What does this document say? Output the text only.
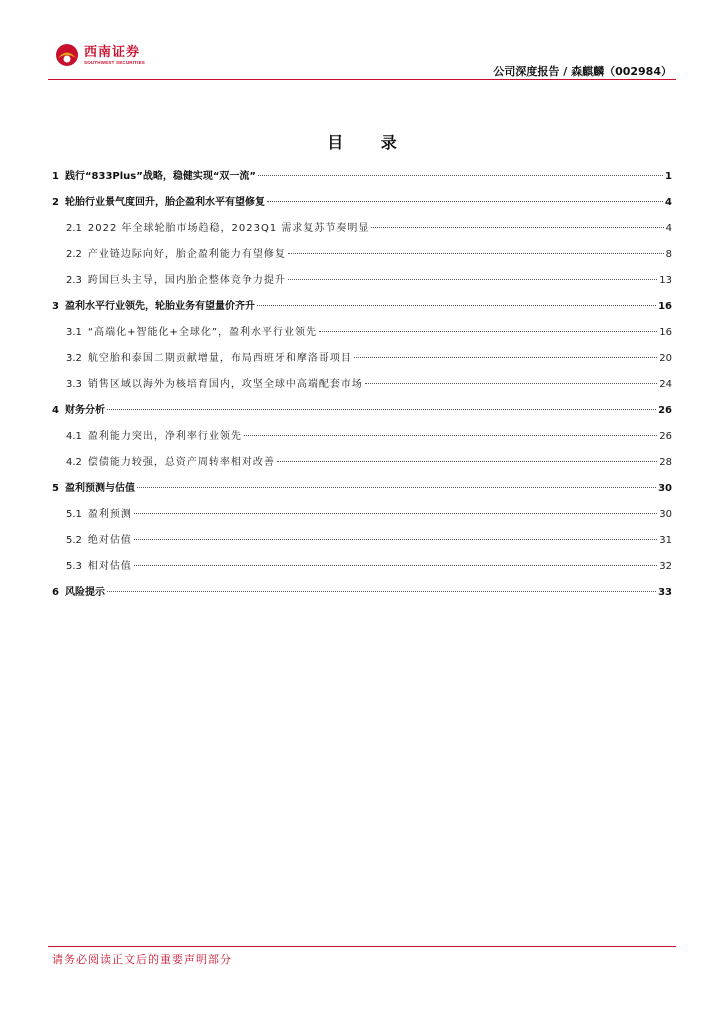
西南证券
SOUTHWEST SECURITIES
公司深度报告 / 森麒麟（002984）
目 录
1 践行“833Plus”战略，稳健实现“双一流”	1
2 轮胎行业景气度回升，胎企盈利水平有望修复	4
2.1 2022 年全球轮胎市场趋稳，2023Q1 需求复苏节奏明显	4
2.2 产业链边际向好，胎企盈利能力有望修复	8
2.3 跨国巨头主导，国内胎企整体竞争力提升	13
3 盈利水平行业领先，轮胎业务有望量价齐升	16
3.1 “高端化+智能化+全球化”，盈利水平行业领先	16
3.2 航空胎和泰国二期贡献增量，布局西班牙和摩洛哥项目	20
3.3 销售区域以海外为核培育国内，攻坚全球中高端配套市场	24
4 财务分析	26
4.1 盈利能力突出，净利率行业领先	26
4.2 偿债能力较强，总资产周转率相对改善	28
5 盈利预测与估值	30
5.1 盈利预测	30
5.2 绝对估值	31
5.3 相对估值	32
6 风险提示	33
请务必阅读正文后的重要声明部分
